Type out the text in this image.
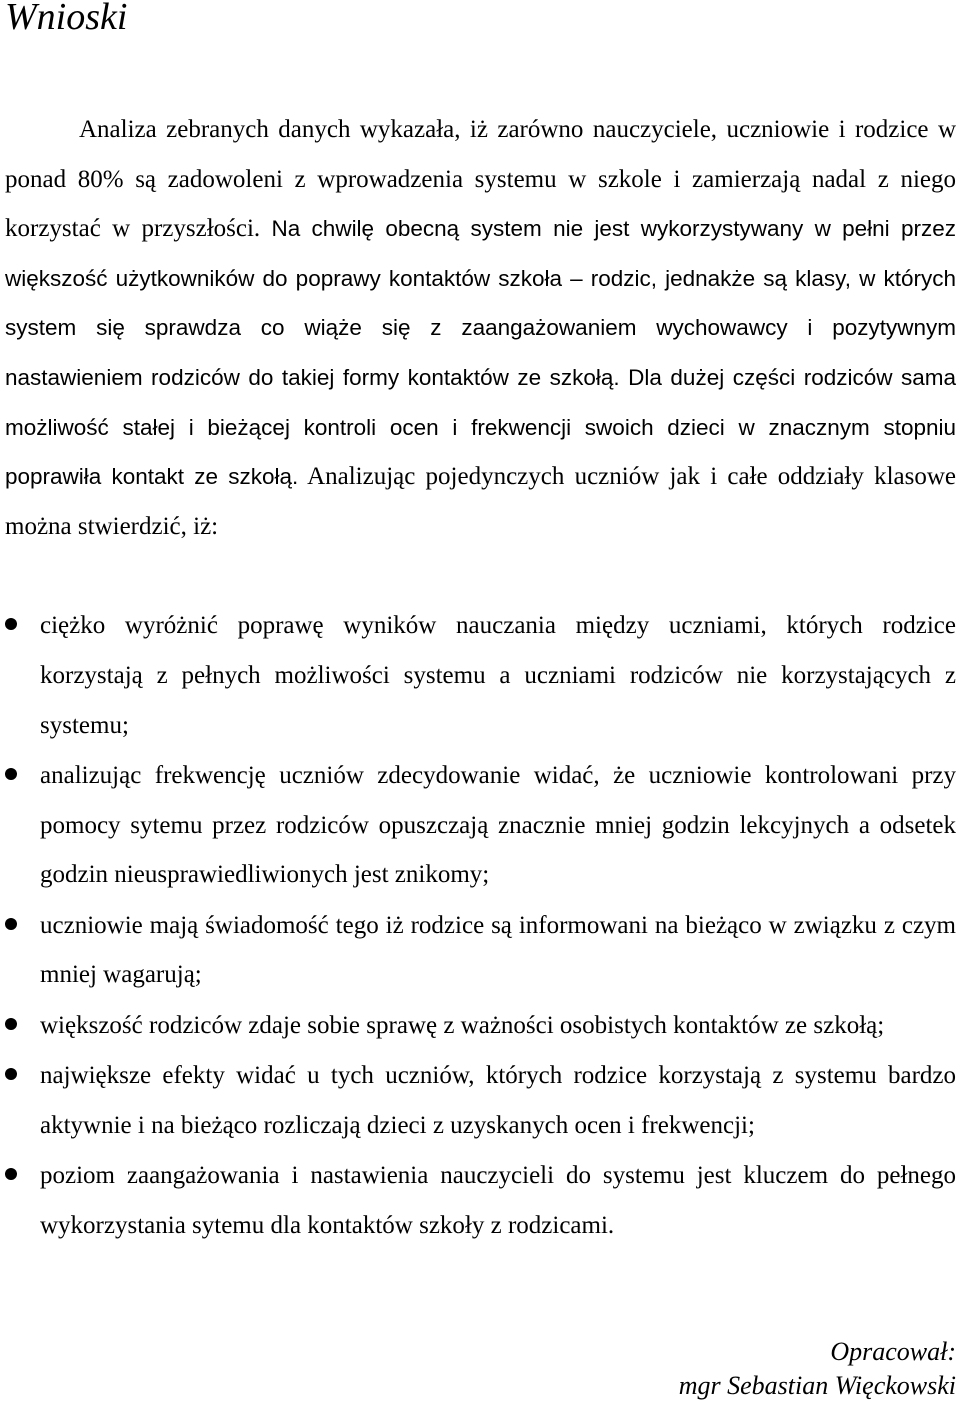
Wnioski

Analiza zebranych danych wykazała, iż zarówno nauczyciele, uczniowie i rodzice w ponad 80% są zadowoleni z wprowadzenia systemu w szkole i zamierzają nadal z niego korzystać w przyszłości. Na chwilę obecną system nie jest wykorzystywany w pełni przez większość użytkowników do poprawy kontaktów szkoła – rodzic, jednakże są klasy, w których system się sprawdza co wiąże się z zaangażowaniem wychowawcy i pozytywnym nastawieniem rodziców do takiej formy kontaktów ze szkołą. Dla dużej części rodziców sama możliwość stałej i bieżącej kontroli ocen i frekwencji swoich dzieci w znacznym stopniu poprawiła kontakt ze szkołą. Analizując pojedynczych uczniów jak i całe oddziały klasowe można stwierdzić, iż:

ciężko wyróżnić poprawę wyników nauczania między uczniami, których rodzice korzystają z pełnych możliwości systemu a uczniami rodziców nie korzystających z systemu;
analizując frekwencję uczniów zdecydowanie widać, że uczniowie kontrolowani przy pomocy sytemu przez rodziców opuszczają znacznie mniej godzin lekcyjnych a odsetek godzin nieusprawiedliwionych jest znikomy;
uczniowie mają świadomość tego iż rodzice są informowani na bieżąco w związku z czym mniej wagarują;
większość rodziców zdaje sobie sprawę z ważności osobistych kontaktów ze szkołą;
największe efekty widać u tych uczniów, których rodzice korzystają z systemu bardzo aktywnie i na bieżąco rozliczają dzieci z uzyskanych ocen i frekwencji;
poziom zaangażowania i nastawienia nauczycieli do systemu jest kluczem do pełnego wykorzystania sytemu dla kontaktów szkoły z rodzicami.
Opracował:
mgr Sebastian Więckowski
